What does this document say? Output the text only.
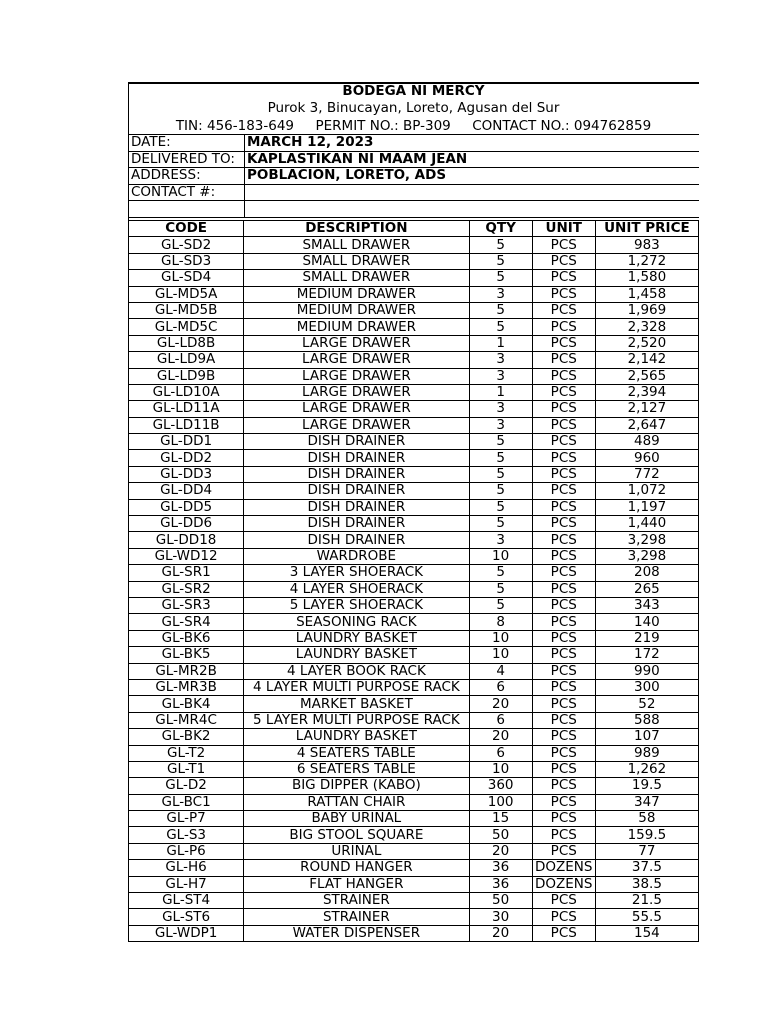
BODEGA NI MERCY
Purok 3, Binucayan, Loreto, Agusan del Sur
TIN: 456-183-649 PERMIT NO.: BP-309 CONTACT NO.: 094762859
DATE:	MARCH 12, 2023
DELIVERED TO:	KAPLASTIKAN NI MAAM JEAN
ADDRESS:	POBLACION, LORETO, ADS
CONTACT #:	

CODE	DESCRIPTION	QTY	UNIT	UNIT PRICE
GL-SD2	SMALL DRAWER	5	PCS	983
GL-SD3	SMALL DRAWER	5	PCS	1,272
GL-SD4	SMALL DRAWER	5	PCS	1,580
GL-MD5A	MEDIUM DRAWER	3	PCS	1,458
GL-MD5B	MEDIUM DRAWER	5	PCS	1,969
GL-MD5C	MEDIUM DRAWER	5	PCS	2,328
GL-LD8B	LARGE DRAWER	1	PCS	2,520
GL-LD9A	LARGE DRAWER	3	PCS	2,142
GL-LD9B	LARGE DRAWER	3	PCS	2,565
GL-LD10A	LARGE DRAWER	1	PCS	2,394
GL-LD11A	LARGE DRAWER	3	PCS	2,127
GL-LD11B	LARGE DRAWER	3	PCS	2,647
GL-DD1	DISH DRAINER	5	PCS	489
GL-DD2	DISH DRAINER	5	PCS	960
GL-DD3	DISH DRAINER	5	PCS	772
GL-DD4	DISH DRAINER	5	PCS	1,072
GL-DD5	DISH DRAINER	5	PCS	1,197
GL-DD6	DISH DRAINER	5	PCS	1,440
GL-DD18	DISH DRAINER	3	PCS	3,298
GL-WD12	WARDROBE	10	PCS	3,298
GL-SR1	3 LAYER SHOERACK	5	PCS	208
GL-SR2	4 LAYER SHOERACK	5	PCS	265
GL-SR3	5 LAYER SHOERACK	5	PCS	343
GL-SR4	SEASONING RACK	8	PCS	140
GL-BK6	LAUNDRY BASKET	10	PCS	219
GL-BK5	LAUNDRY BASKET	10	PCS	172
GL-MR2B	4 LAYER BOOK RACK	4	PCS	990
GL-MR3B	4 LAYER MULTI PURPOSE RACK	6	PCS	300
GL-BK4	MARKET BASKET	20	PCS	52
GL-MR4C	5 LAYER MULTI PURPOSE RACK	6	PCS	588
GL-BK2	LAUNDRY BASKET	20	PCS	107
GL-T2	4 SEATERS TABLE	6	PCS	989
GL-T1	6 SEATERS TABLE	10	PCS	1,262
GL-D2	BIG DIPPER (KABO)	360	PCS	19.5
GL-BC1	RATTAN CHAIR	100	PCS	347
GL-P7	BABY URINAL	15	PCS	58
GL-S3	BIG STOOL SQUARE	50	PCS	159.5
GL-P6	URINAL	20	PCS	77
GL-H6	ROUND HANGER	36	DOZENS	37.5
GL-H7	FLAT HANGER	36	DOZENS	38.5
GL-ST4	STRAINER	50	PCS	21.5
GL-ST6	STRAINER	30	PCS	55.5
GL-WDP1	WATER DISPENSER	20	PCS	154
